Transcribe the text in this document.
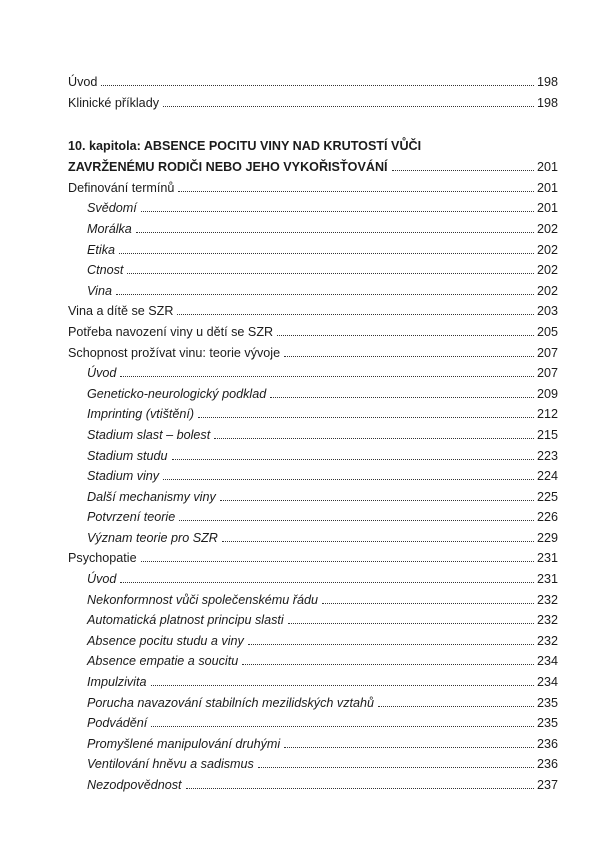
Úvod	198
Klinické příklady	198
10. kapitola: ABSENCE POCITU VINY NAD KRUTOSTÍ VŮČI
ZAVRŽENÉMU RODIČI NEBO JEHO VYKOŘISŤOVÁNÍ	201
Definování termínů	201
Svědomí	201
Morálka	202
Etika	202
Ctnost	202
Vina	202
Vina a dítě se SZR	203
Potřeba navození viny u dětí se SZR	205
Schopnost prožívat vinu: teorie vývoje	207
Úvod	207
Geneticko-neurologický podklad	209
Imprinting (vtištění)	212
Stadium slast – bolest	215
Stadium studu	223
Stadium viny	224
Další mechanismy viny	225
Potvrzení teorie	226
Význam teorie pro SZR	229
Psychopatie	231
Úvod	231
Nekonformnost vůči společenskému řádu	232
Automatická platnost principu slasti	232
Absence pocitu studu a viny	232
Absence empatie a soucitu	234
Impulzivita	234
Porucha navazování stabilních mezilidských vztahů	235
Podvádění	235
Promyšlené manipulování druhými	236
Ventilování hněvu a sadismus	236
Nezodpovědnost	237
